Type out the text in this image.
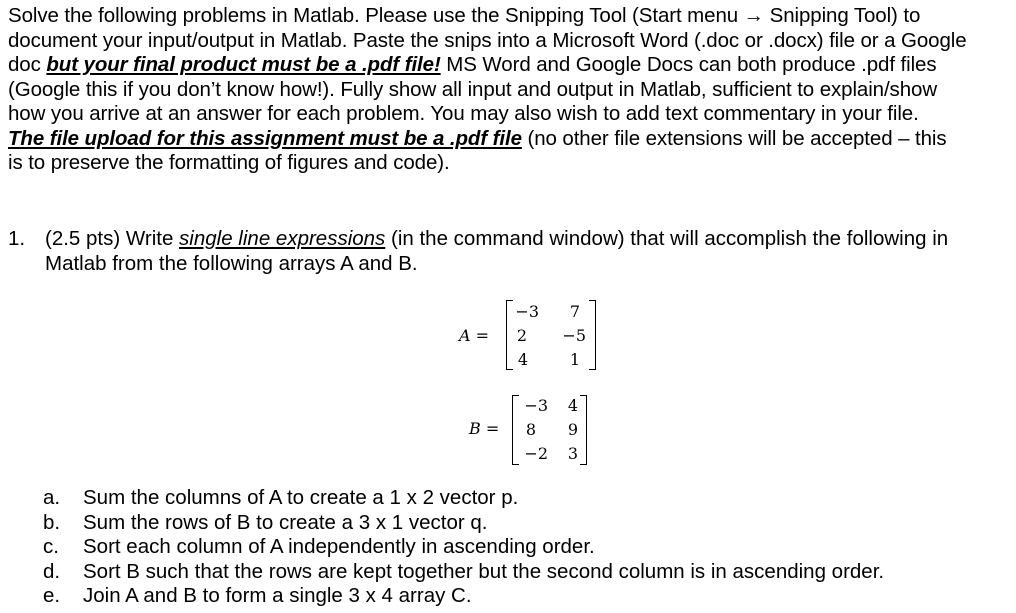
Solve the following problems in Matlab. Please use the Snipping Tool (Start menu → Snipping Tool) to
document your input/output in Matlab. Paste the snips into a Microsoft Word (.doc or .docx) file or a Google
doc but your final product must be a .pdf file! MS Word and Google Docs can both produce .pdf files
(Google this if you don’t know how!). Fully show all input and output in Matlab, sufficient to explain/show
how you arrive at an answer for each problem. You may also wish to add text commentary in your file.
The file upload for this assignment must be a .pdf file (no other file extensions will be accepted – this
is to preserve the formatting of figures and code).
1. (2.5 pts) Write single line expressions (in the command window) that will accomplish the following in
Matlab from the following arrays A and B.
A =
−3	7
2	−5
4	1
B =
−3	4
8	9
−2	3
a. Sum the columns of A to create a 1 x 2 vector p.
b. Sum the rows of B to create a 3 x 1 vector q.
c. Sort each column of A independently in ascending order.
d. Sort B such that the rows are kept together but the second column is in ascending order.
e. Join A and B to form a single 3 x 4 array C.
